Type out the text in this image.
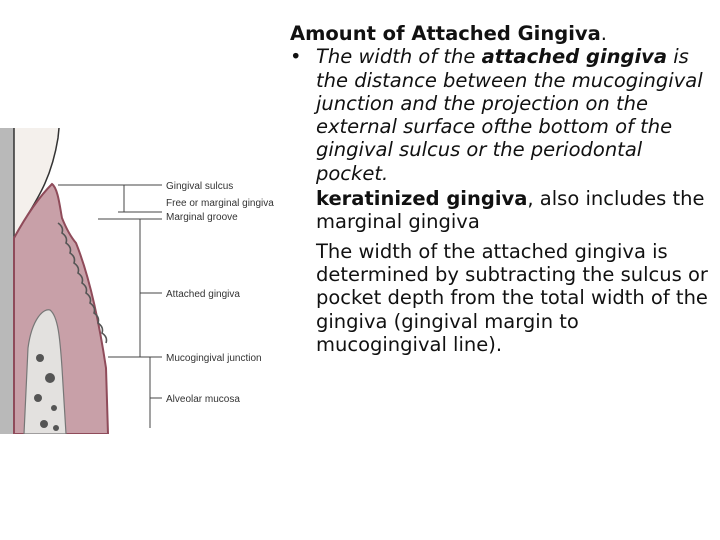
Gingival sulcus
Free or marginal gingiva
Marginal groove
Attached gingiva
Mucogingival junction
Alveolar mucosa
Amount of Attached Gingiva.
• The width of the attached gingiva is the distance between the mucogingival junction and the projection on the external surface ofthe bottom of the gingival sulcus or the periodontal pocket.
keratinized gingiva, also includes the marginal gingiva
The width of the attached gingiva is determined by subtracting the sulcus or pocket depth from the total width of the gingiva (gingival margin to mucogingival line).
